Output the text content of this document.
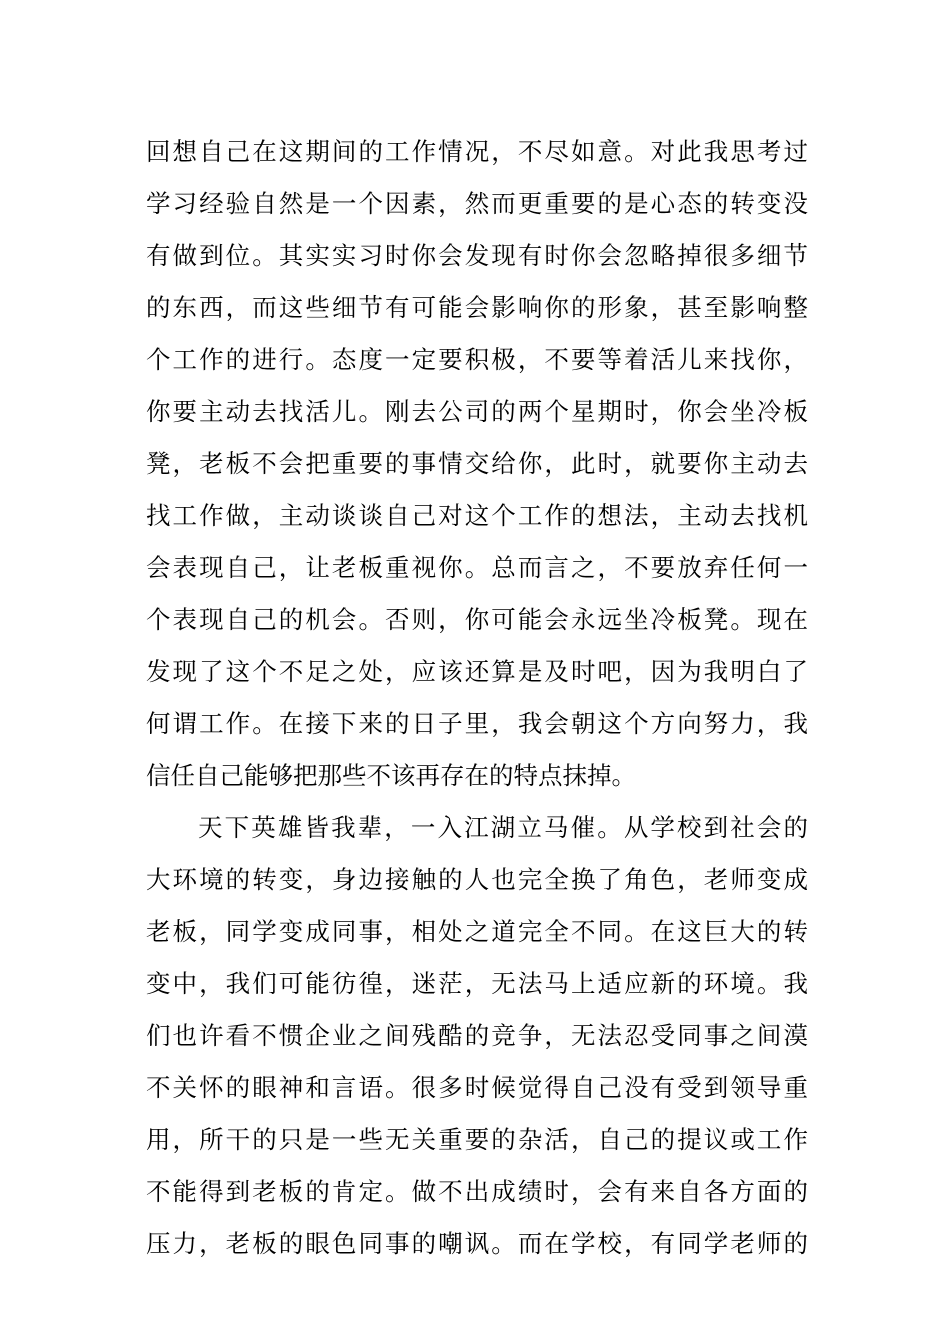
回想自己在这期间的工作情况，不尽如意。对此我思考过
学习经验自然是一个因素，然而更重要的是心态的转变没
有做到位。其实实习时你会发现有时你会忽略掉很多细节
的东西，而这些细节有可能会影响你的形象，甚至影响整
个工作的进行。态度一定要积极，不要等着活儿来找你，
你要主动去找活儿。刚去公司的两个星期时，你会坐冷板
凳，老板不会把重要的事情交给你，此时，就要你主动去
找工作做，主动谈谈自己对这个工作的想法，主动去找机
会表现自己，让老板重视你。总而言之，不要放弃任何一
个表现自己的机会。否则，你可能会永远坐冷板凳。现在
发现了这个不足之处，应该还算是及时吧，因为我明白了
何谓工作。在接下来的日子里，我会朝这个方向努力，我
信任自己能够把那些不该再存在的特点抹掉。
天下英雄皆我辈，一入江湖立马催。从学校到社会的
大环境的转变，身边接触的人也完全换了角色，老师变成
老板，同学变成同事，相处之道完全不同。在这巨大的转
变中，我们可能彷徨，迷茫，无法马上适应新的环境。我
们也许看不惯企业之间残酷的竞争，无法忍受同事之间漠
不关怀的眼神和言语。很多时候觉得自己没有受到领导重
用，所干的只是一些无关重要的杂活，自己的提议或工作
不能得到老板的肯定。做不出成绩时，会有来自各方面的
压力，老板的眼色同事的嘲讽。而在学校，有同学老师的
